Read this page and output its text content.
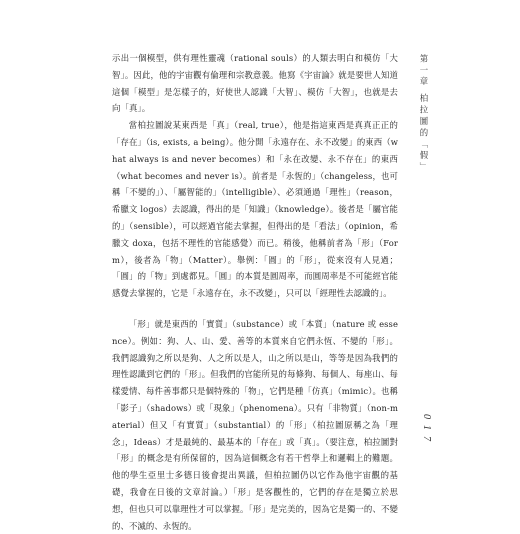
示出一個模型，供有理性靈魂（rational souls）的人類去明白和模仿「大智」。因此，他的宇宙觀有倫理和宗教意義。他寫《宇宙論》就是要世人知道這個「模型」是怎樣子的，好使世人認識「大智」、模仿「大智」，也就是去向「真」。

當柏拉圖說某東西是「真」（real, true），他是指這東西是真真正正的「存在」（is, exists, a being）。他分開「永遠存在、永不改變」的東西（what always is and never becomes）和「永在改變、永不存在」的東西（what becomes and never is）。前者是「永恆的」（changeless，也可稱「不變的」）、「屬智能的」（intelligible）、必須通過「理性」（reason，希臘文 logos）去認識，得出的是「知識」（knowledge）。後者是「屬官能的」（sensible），可以經過官能去掌握，但得出的是「看法」（opinion，希臘文 doxa，包括不理性的官能感覺）而已。稍後，他稱前者為「形」（Form），後者為「物」（Matter）。舉例：「圓」的「形」，從來沒有人見過；「圓」的「物」到處都見。「圓」的本質是圓周率，而圓周率是不可能經官能感覺去掌握的，它是「永遠存在，永不改變」，只可以「經理性去認識的」。

「形」就是東西的「實質」（substance）或「本質」（nature 或 essence）。例如：狗、人、山、愛、善等的本質來自它們永恆、不變的「形」。我們認識狗之所以是狗、人之所以是人，山之所以是山，等等是因為我們的理性認識到它們的「形」。但我們的官能所見的每條狗、每個人、每座山、每樣愛情、每件善事都只是個特殊的「物」，它們是種「仿真」（mimic）。也稱「影子」（shadows）或「現象」（phenomena）。只有「非物質」（non-material）但又「有實質」（substantial）的「形」（柏拉圖原稱之為「理念」，Ideas）才是最純的、最基本的「存在」或「真」。（要注意，柏拉圖對「形」的概念是有所保留的，因為這個概念有若干哲學上和邏輯上的難題。他的學生亞里士多德日後會提出異議，但柏拉圖仍以它作為他宇宙觀的基礎，我會在日後的文章討論。）「形」是客觀性的，它們的存在是獨立於思想，但也只可以靠理性才可以掌握。「形」是完美的，因為它是獨一的、不變的、不滅的、永恆的。

第一章 柏拉圖的「假」
017
